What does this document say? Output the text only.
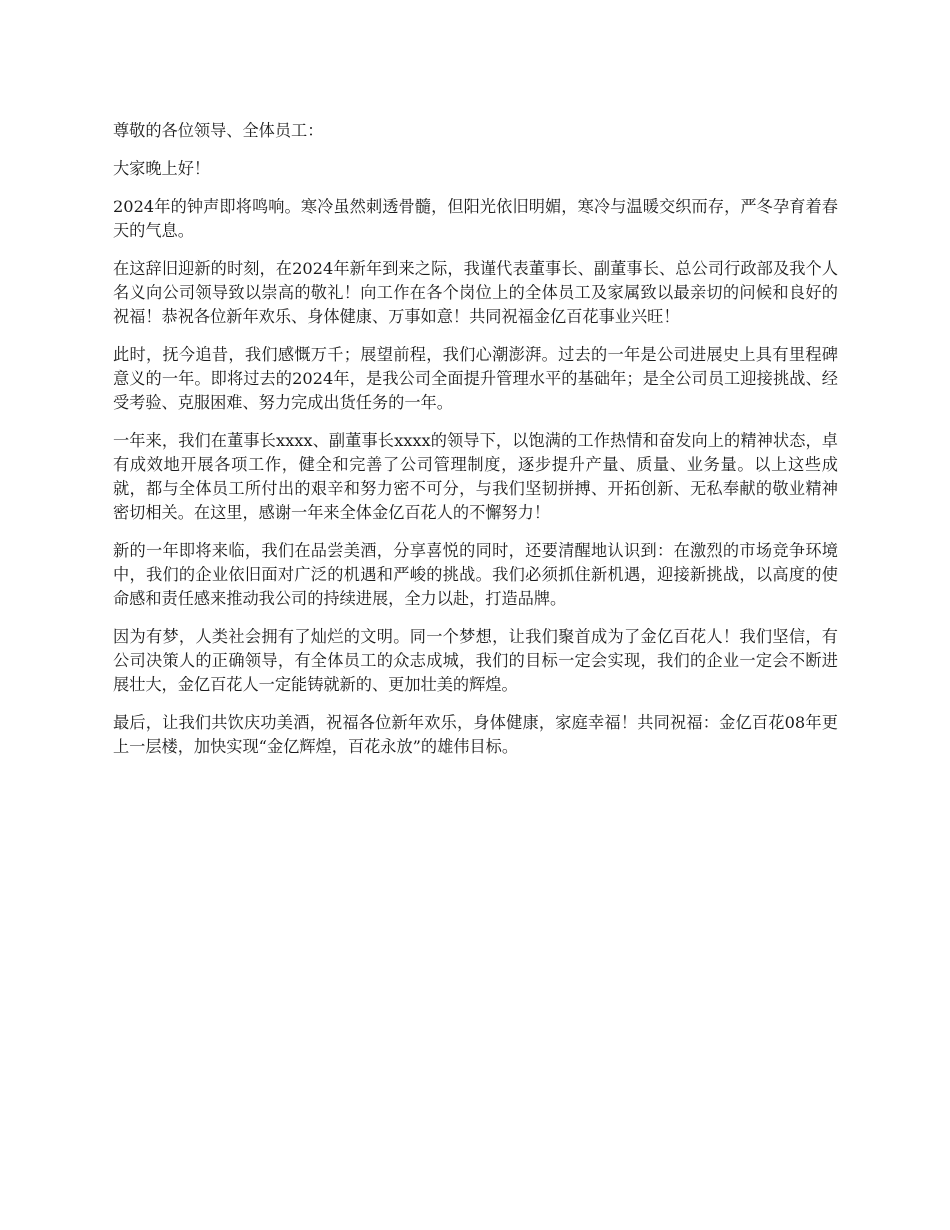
尊敬的各位领导、全体员工：

大家晚上好！

2024年的钟声即将鸣响。寒冷虽然刺透骨髓，但阳光依旧明媚，寒冷与温暖交织而存，严冬孕育着春天的气息。

在这辞旧迎新的时刻，在2024年新年到来之际，我谨代表董事长、副董事长、总公司行政部及我个人名义向公司领导致以崇高的敬礼！向工作在各个岗位上的全体员工及家属致以最亲切的问候和良好的祝福！恭祝各位新年欢乐、身体健康、万事如意！共同祝福金亿百花事业兴旺！

此时，抚今追昔，我们感慨万千；展望前程，我们心潮澎湃。过去的一年是公司进展史上具有里程碑意义的一年。即将过去的2024年，是我公司全面提升管理水平的基础年；是全公司员工迎接挑战、经受考验、克服困难、努力完成出货任务的一年。

一年来，我们在董事长xxxx、副董事长xxxx的领导下，以饱满的工作热情和奋发向上的精神状态，卓有成效地开展各项工作，健全和完善了公司管理制度，逐步提升产量、质量、业务量。以上这些成就，都与全体员工所付出的艰辛和努力密不可分，与我们坚韧拼搏、开拓创新、无私奉献的敬业精神密切相关。在这里，感谢一年来全体金亿百花人的不懈努力！

新的一年即将来临，我们在品尝美酒，分享喜悦的同时，还要清醒地认识到：在激烈的市场竞争环境中，我们的企业依旧面对广泛的机遇和严峻的挑战。我们必须抓住新机遇，迎接新挑战，以高度的使命感和责任感来推动我公司的持续进展，全力以赴，打造品牌。

因为有梦，人类社会拥有了灿烂的文明。同一个梦想，让我们聚首成为了金亿百花人！我们坚信，有公司决策人的正确领导，有全体员工的众志成城，我们的目标一定会实现，我们的企业一定会不断进展壮大，金亿百花人一定能铸就新的、更加壮美的辉煌。

最后，让我们共饮庆功美酒，祝福各位新年欢乐，身体健康，家庭幸福！共同祝福：金亿百花08年更上一层楼，加快实现“金亿辉煌，百花永放”的雄伟目标。
